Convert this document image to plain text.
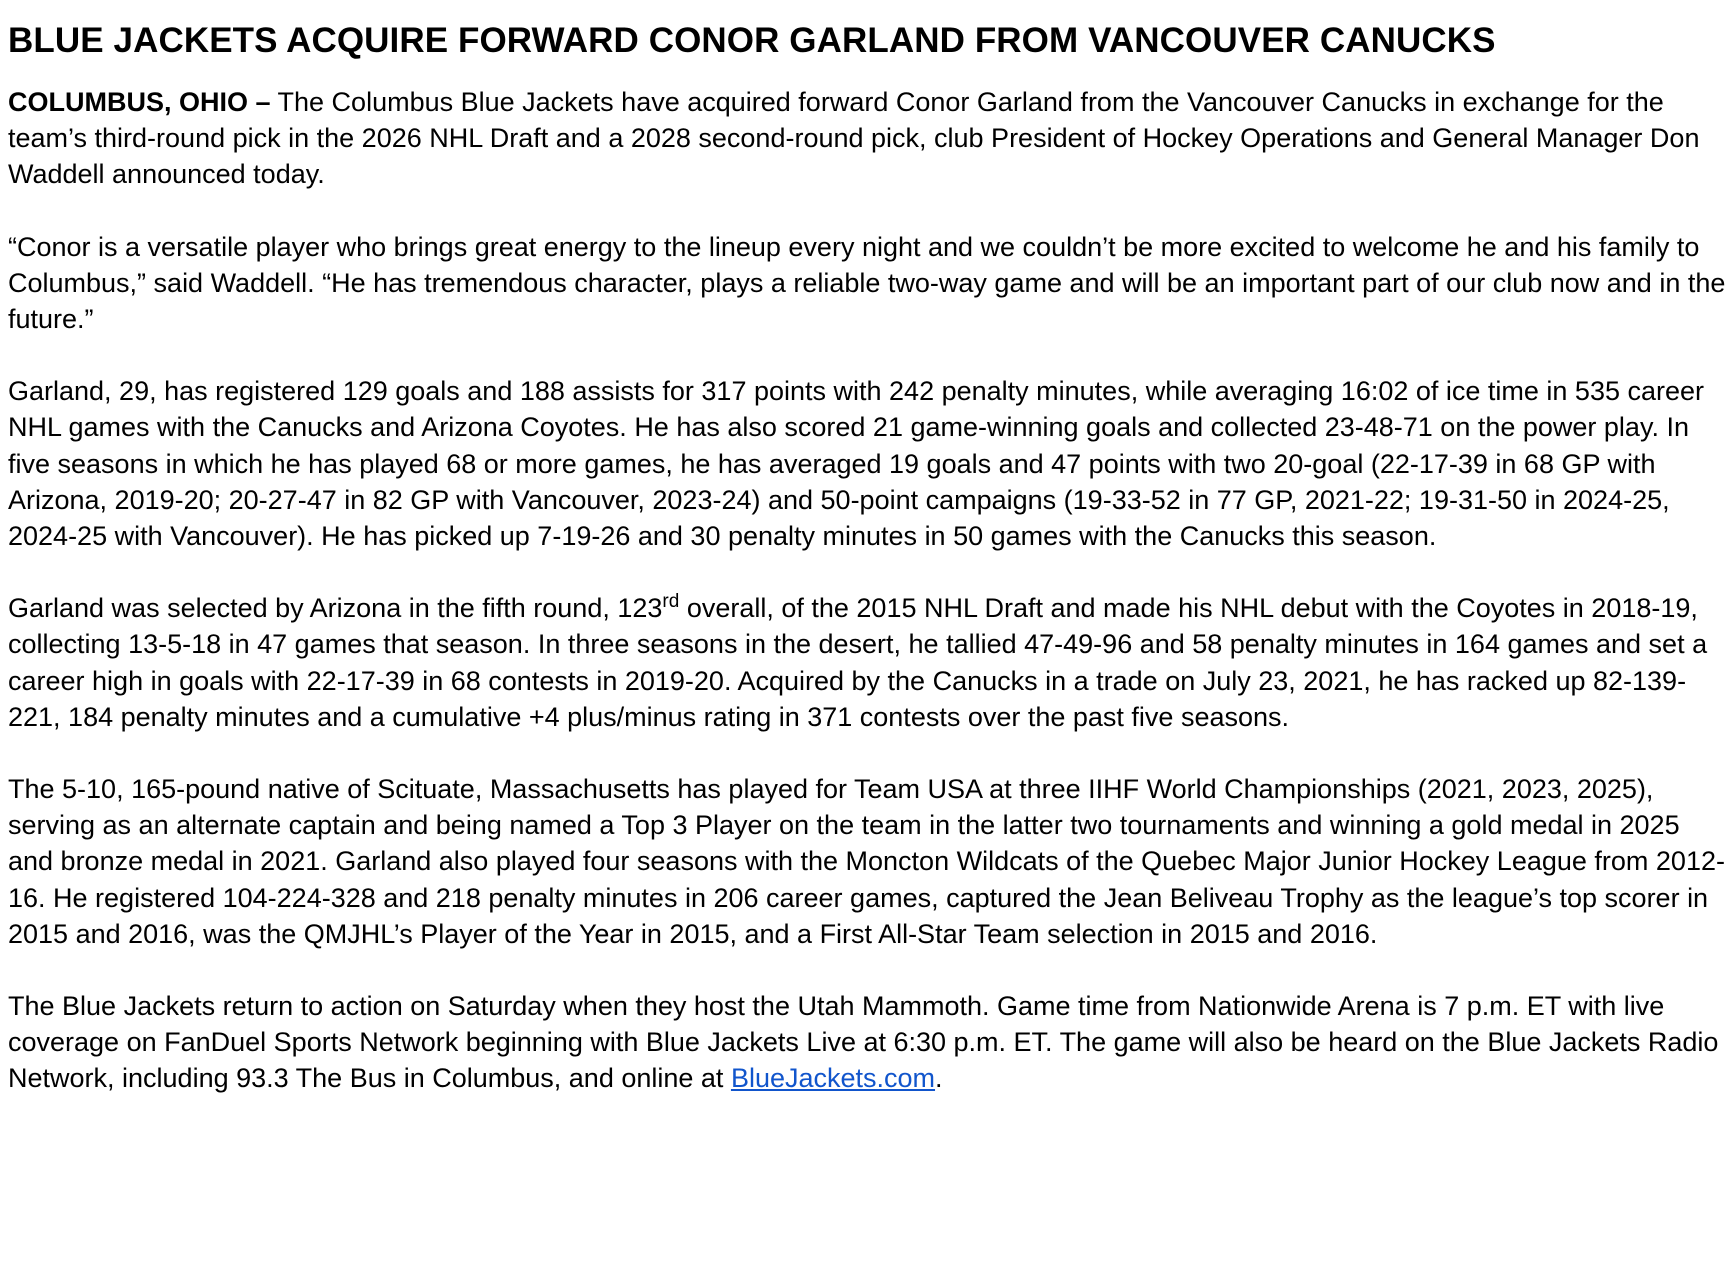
BLUE JACKETS ACQUIRE FORWARD CONOR GARLAND FROM VANCOUVER CANUCKS

COLUMBUS, OHIO – The Columbus Blue Jackets have acquired forward Conor Garland from the Vancouver Canucks in exchange for the team’s third-round pick in the 2026 NHL Draft and a 2028 second-round pick, club President of Hockey Operations and General Manager Don Waddell announced today.

“Conor is a versatile player who brings great energy to the lineup every night and we couldn’t be more excited to welcome he and his family to Columbus,” said Waddell. “He has tremendous character, plays a reliable two-way game and will be an important part of our club now and in the future.”

Garland, 29, has registered 129 goals and 188 assists for 317 points with 242 penalty minutes, while averaging 16:02 of ice time in 535 career NHL games with the Canucks and Arizona Coyotes. He has also scored 21 game-winning goals and collected 23-48-71 on the power play. In five seasons in which he has played 68 or more games, he has averaged 19 goals and 47 points with two 20-goal (22-17-39 in 68 GP with Arizona, 2019-20; 20-27-47 in 82 GP with Vancouver, 2023-24) and 50-point campaigns (19-33-52 in 77 GP, 2021-22; 19-31-50 in 2024-25, 2024-25 with Vancouver). He has picked up 7-19-26 and 30 penalty minutes in 50 games with the Canucks this season.

Garland was selected by Arizona in the fifth round, 123rd overall, of the 2015 NHL Draft and made his NHL debut with the Coyotes in 2018-19, collecting 13-5-18 in 47 games that season. In three seasons in the desert, he tallied 47-49-96 and 58 penalty minutes in 164 games and set a career high in goals with 22-17-39 in 68 contests in 2019-20. Acquired by the Canucks in a trade on July 23, 2021, he has racked up 82-139-221, 184 penalty minutes and a cumulative +4 plus/minus rating in 371 contests over the past five seasons.

The 5-10, 165-pound native of Scituate, Massachusetts has played for Team USA at three IIHF World Championships (2021, 2023, 2025), serving as an alternate captain and being named a Top 3 Player on the team in the latter two tournaments and winning a gold medal in 2025 and bronze medal in 2021. Garland also played four seasons with the Moncton Wildcats of the Quebec Major Junior Hockey League from 2012-16. He registered 104-224-328 and 218 penalty minutes in 206 career games, captured the Jean Beliveau Trophy as the league’s top scorer in 2015 and 2016, was the QMJHL’s Player of the Year in 2015, and a First All-Star Team selection in 2015 and 2016.

The Blue Jackets return to action on Saturday when they host the Utah Mammoth. Game time from Nationwide Arena is 7 p.m. ET with live coverage on FanDuel Sports Network beginning with Blue Jackets Live at 6:30 p.m. ET. The game will also be heard on the Blue Jackets Radio Network, including 93.3 The Bus in Columbus, and online at BlueJackets.com.
